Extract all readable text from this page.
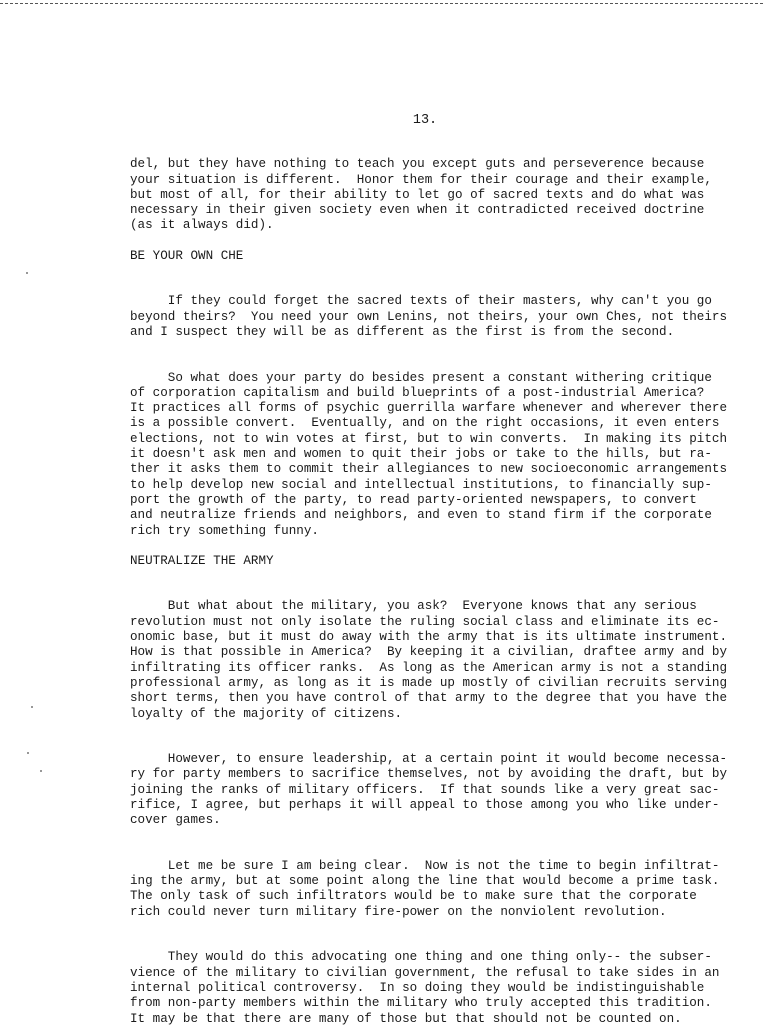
13.

del, but they have nothing to teach you except guts and perseverence because
your situation is different.  Honor them for their courage and their example,
but most of all, for their ability to let go of sacred texts and do what was
necessary in their given society even when it contradicted received doctrine
(as it always did).

BE YOUR OWN CHE

If they could forget the sacred texts of their masters, why can't you go
beyond theirs?  You need your own Lenins, not theirs, your own Ches, not theirs
and I suspect they will be as different as the first is from the second.

So what does your party do besides present a constant withering critique
of corporation capitalism and build blueprints of a post-industrial America?
It practices all forms of psychic guerrilla warfare whenever and wherever there
is a possible convert.  Eventually, and on the right occasions, it even enters
elections, not to win votes at first, but to win converts.  In making its pitch
it doesn't ask men and women to quit their jobs or take to the hills, but ra-
ther it asks them to commit their allegiances to new socioeconomic arrangements
to help develop new social and intellectual institutions, to financially sup-
port the growth of the party, to read party-oriented newspapers, to convert
and neutralize friends and neighbors, and even to stand firm if the corporate
rich try something funny.

NEUTRALIZE THE ARMY

But what about the military, you ask?  Everyone knows that any serious
revolution must not only isolate the ruling social class and eliminate its ec-
onomic base, but it must do away with the army that is its ultimate instrument.
How is that possible in America?  By keeping it a civilian, draftee army and by
infiltrating its officer ranks.  As long as the American army is not a standing
professional army, as long as it is made up mostly of civilian recruits serving
short terms, then you have control of that army to the degree that you have the
loyalty of the majority of citizens.

However, to ensure leadership, at a certain point it would become necessa-
ry for party members to sacrifice themselves, not by avoiding the draft, but by
joining the ranks of military officers.  If that sounds like a very great sac-
rifice, I agree, but perhaps it will appeal to those among you who like under-
cover games.

Let me be sure I am being clear.  Now is not the time to begin infiltrat-
ing the army, but at some point along the line that would become a prime task.
The only task of such infiltrators would be to make sure that the corporate
rich could never turn military fire-power on the nonviolent revolution.

They would do this advocating one thing and one thing only-- the subser-
vience of the military to civilian government, the refusal to take sides in an
internal political controversy.  In so doing they would be indistinguishable
from non-party members within the military who truly accepted this tradition.
It may be that there are many of those but that should not be counted on.
